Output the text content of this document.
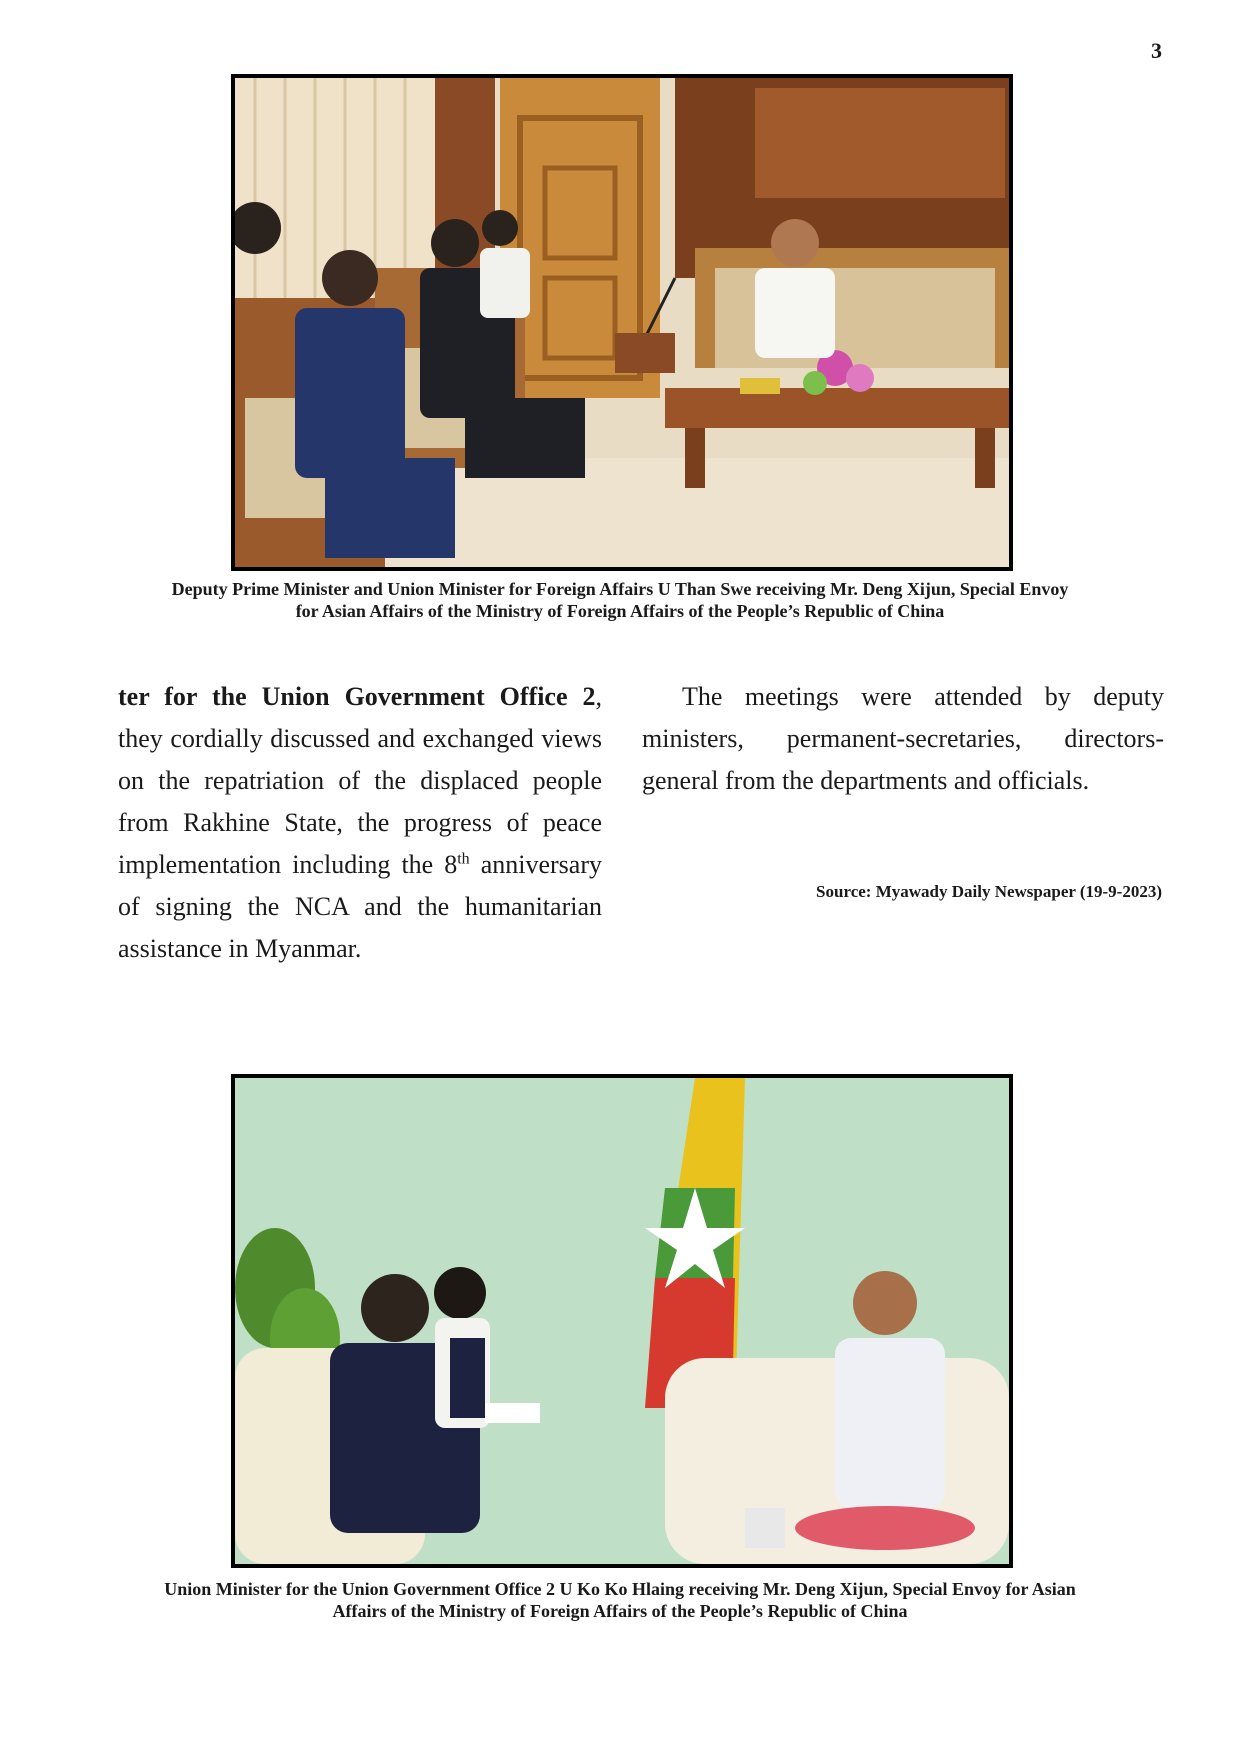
3
Deputy Prime Minister and Union Minister for Foreign Affairs U Than Swe receiving Mr. Deng Xijun, Special Envoy for Asian Affairs of the Ministry of Foreign Affairs of the People’s Republic of China

ter for the Union Government Office 2, they cordially discussed and exchanged views on the repatriation of the displaced people from Rakhine State, the progress of peace implementation including the 8th anniversary of signing the NCA and the humanitarian assistance in Myanmar.

The meetings were attended by deputy ministers, permanent-secretaries, directors-general from the departments and officials.

Source: Myawady Daily Newspaper (19-9-2023)
Union Minister for the Union Government Office 2 U Ko Ko Hlaing receiving Mr. Deng Xijun, Special Envoy for Asian Affairs of the Ministry of Foreign Affairs of the People’s Republic of China
